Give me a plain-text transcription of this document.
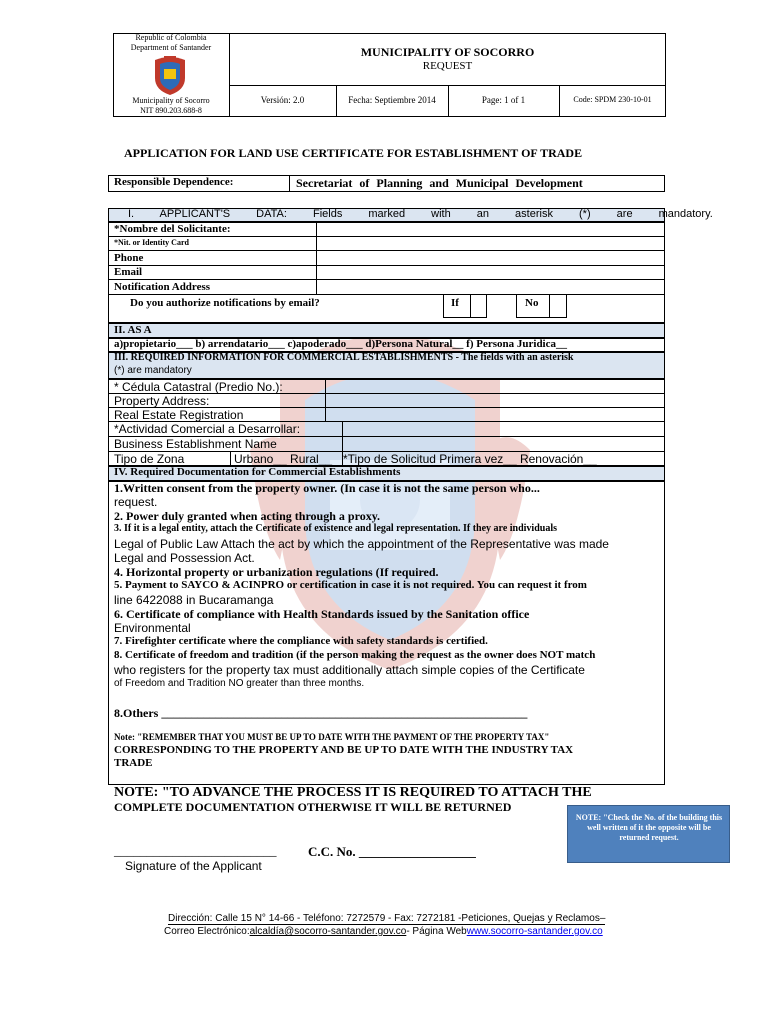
Republic of Colombia
Department of Santander
Municipality of Socorro
NIT 890.203.688-8
MUNICIPALITY OF SOCORRO
REQUEST
Versión: 2.0	Fecha: Septiembre 2014	Page: 1 of 1	Code: SPDM 230-10-01
APPLICATION FOR LAND USE CERTIFICATE FOR ESTABLISHMENT OF TRADE
Responsible Dependence:	Secretariat of Planning and Municipal Development
I. APPLICANT'S DATA: Fields marked with an asterisk (*) are mandatory.
*Nombre del Solicitante:
*Nit. or Identity Card
Phone
Email
Notification Address
Do you authorize notifications by email?	If	No
II. AS A
a)propietario___ b) arrendatario___ c)apoderado___ d)Persona Natural__ f) Persona Juridica__
III. REQUIRED INFORMATION FOR COMMERCIAL ESTABLISHMENTS - The fields with an asterisk
(*) are mandatory
* Cédula Catastral (Predio No.):
Property Address:
Real Estate Registration
*Actividad Comercial a Desarrollar:
Business Establishment Name
Tipo de Zona	Urbano__ Rural__ *Tipo de Solicitud Primera vez__ Renovación__
IV. Required Documentation for Commercial Establishments
1.Written consent from the property owner. (In case it is not the same person who...
request.
2. Power duly granted when acting through a proxy.
3. If it is a legal entity, attach the Certificate of existence and legal representation. If they are individuals
Legal of Public Law Attach the act by which the appointment of the Representative was made
Legal and Possession Act.
4. Horizontal property or urbanization regulations (If required.
5. Payment to SAYCO & ACINPRO or certification in case it is not required. You can request it from
line 6422088 in Bucaramanga
6. Certificate of compliance with Health Standards issued by the Sanitation office
Environmental
7. Firefighter certificate where the compliance with safety standards is certified.
8. Certificate of freedom and tradition (if the person making the request as the owner does NOT match
who registers for the property tax must additionally attach simple copies of the Certificate
of Freedom and Tradition NO greater than three months.
8.Others _____________________________________________________________
Note: "REMEMBER THAT YOU MUST BE UP TO DATE WITH THE PAYMENT OF THE PROPERTY TAX"
CORRESPONDING TO THE PROPERTY AND BE UP TO DATE WITH THE INDUSTRY TAX
TRADE
NOTE: "TO ADVANCE THE PROCESS IT IS REQUIRED TO ATTACH THE
COMPLETE DOCUMENTATION OTHERWISE IT WILL BE RETURNED
NOTE: "Check the No. of the building this well written of it the opposite will be returned request.
_________________________
Signature of the Applicant
C.C. No. __________________
Dirección: Calle 15 N° 14-66 - Teléfono: 7272579 - Fax: 7272181 -Peticiones, Quejas y Reclamos–
Correo Electrónico:alcaldía@socorro-santander.gov.co- Página Webwww.socorro-santander.gov.co
